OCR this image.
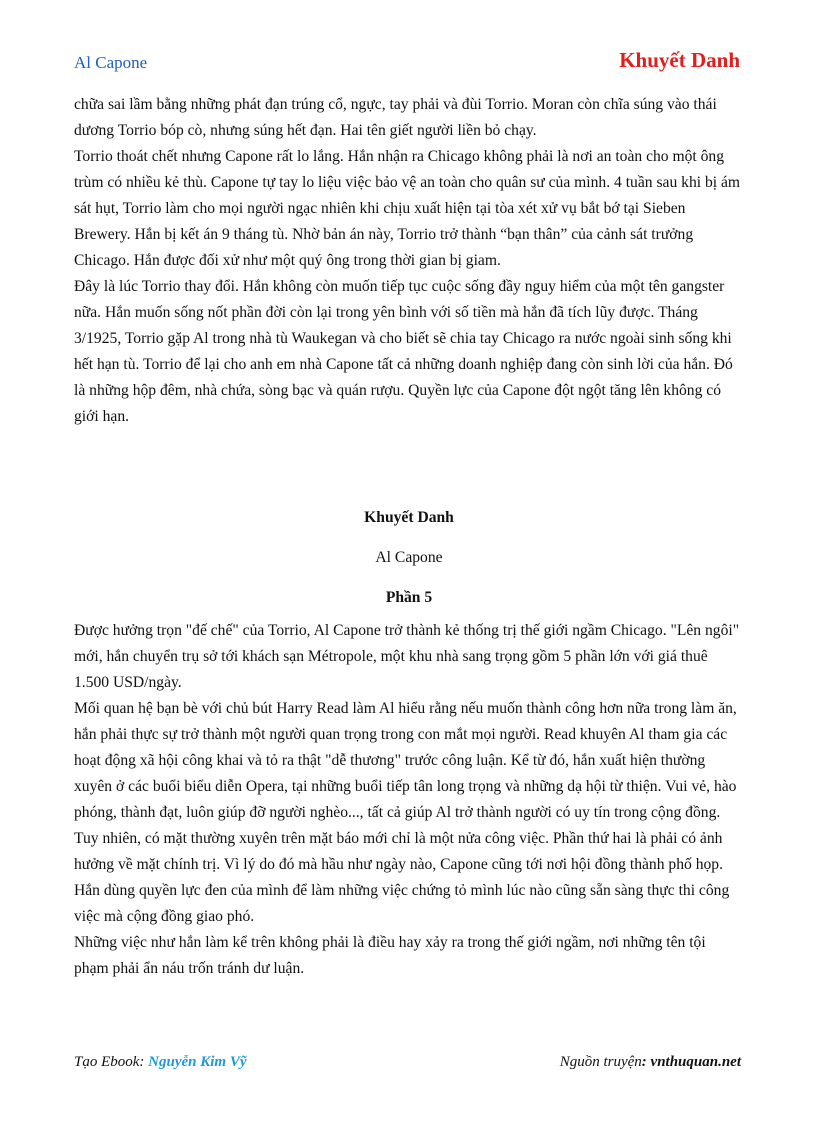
Al Capone	Khuyết Danh

chữa sai lầm bằng những phát đạn trúng cổ, ngực, tay phải và đùi Torrio. Moran còn chĩa súng vào thái dương Torrio bóp cò, nhưng súng hết đạn. Hai tên giết người liền bỏ chạy.

Torrio thoát chết nhưng Capone rất lo lắng. Hắn nhận ra Chicago không phải là nơi an toàn cho một ông trùm có nhiều kẻ thù. Capone tự tay lo liệu việc bảo vệ an toàn cho quân sư của mình. 4 tuần sau khi bị ám sát hụt, Torrio làm cho mọi người ngạc nhiên khi chịu xuất hiện tại tòa xét xử vụ bắt bớ tại Sieben Brewery. Hắn bị kết án 9 tháng tù. Nhờ bản án này, Torrio trở thành “bạn thân” của cảnh sát trưởng Chicago. Hắn được đối xử như một quý ông trong thời gian bị giam.

Đây là lúc Torrio thay đổi. Hắn không còn muốn tiếp tục cuộc sống đầy nguy hiểm của một tên gangster nữa. Hắn muốn sống nốt phần đời còn lại trong yên bình với số tiền mà hắn đã tích lũy được. Tháng 3/1925, Torrio gặp Al trong nhà tù Waukegan và cho biết sẽ chia tay Chicago ra nước ngoài sinh sống khi hết hạn tù. Torrio để lại cho anh em nhà Capone tất cả những doanh nghiệp đang còn sinh lời của hắn. Đó là những hộp đêm, nhà chứa, sòng bạc và quán rượu. Quyền lực của Capone đột ngột tăng lên không có giới hạn.

Khuyết Danh

Al Capone

Phần 5

Được hưởng trọn "đế chế" của Torrio, Al Capone trở thành kẻ thống trị thế giới ngầm Chicago. "Lên ngôi" mới, hắn chuyển trụ sở tới khách sạn Métropole, một khu nhà sang trọng gồm 5 phần lớn với giá thuê 1.500 USD/ngày.

Mối quan hệ bạn bè với chủ bút Harry Read làm Al hiểu rằng nếu muốn thành công hơn nữa trong làm ăn, hắn phải thực sự trở thành một người quan trọng trong con mắt mọi người. Read khuyên Al tham gia các hoạt động xã hội công khai và tỏ ra thật "dễ thương" trước công luận. Kể từ đó, hắn xuất hiện thường xuyên ở các buổi biểu diễn Opera, tại những buổi tiếp tân long trọng và những dạ hội từ thiện. Vui vẻ, hào phóng, thành đạt, luôn giúp đỡ người nghèo..., tất cả giúp Al trở thành người có uy tín trong cộng đồng.

Tuy nhiên, có mặt thường xuyên trên mặt báo mới chỉ là một nửa công việc. Phần thứ hai là phải có ảnh hưởng về mặt chính trị. Vì lý do đó mà hầu như ngày nào, Capone cũng tới nơi hội đồng thành phố họp. Hắn dùng quyền lực đen của mình để làm những việc chứng tỏ mình lúc nào cũng sẵn sàng thực thi công việc mà cộng đồng giao phó.

Những việc như hắn làm kể trên không phải là điều hay xảy ra trong thế giới ngầm, nơi những tên tội phạm phải ẩn náu trốn tránh dư luận.

Tạo Ebook: Nguyễn Kim Vỹ	Nguồn truyện: vnthuquan.net
